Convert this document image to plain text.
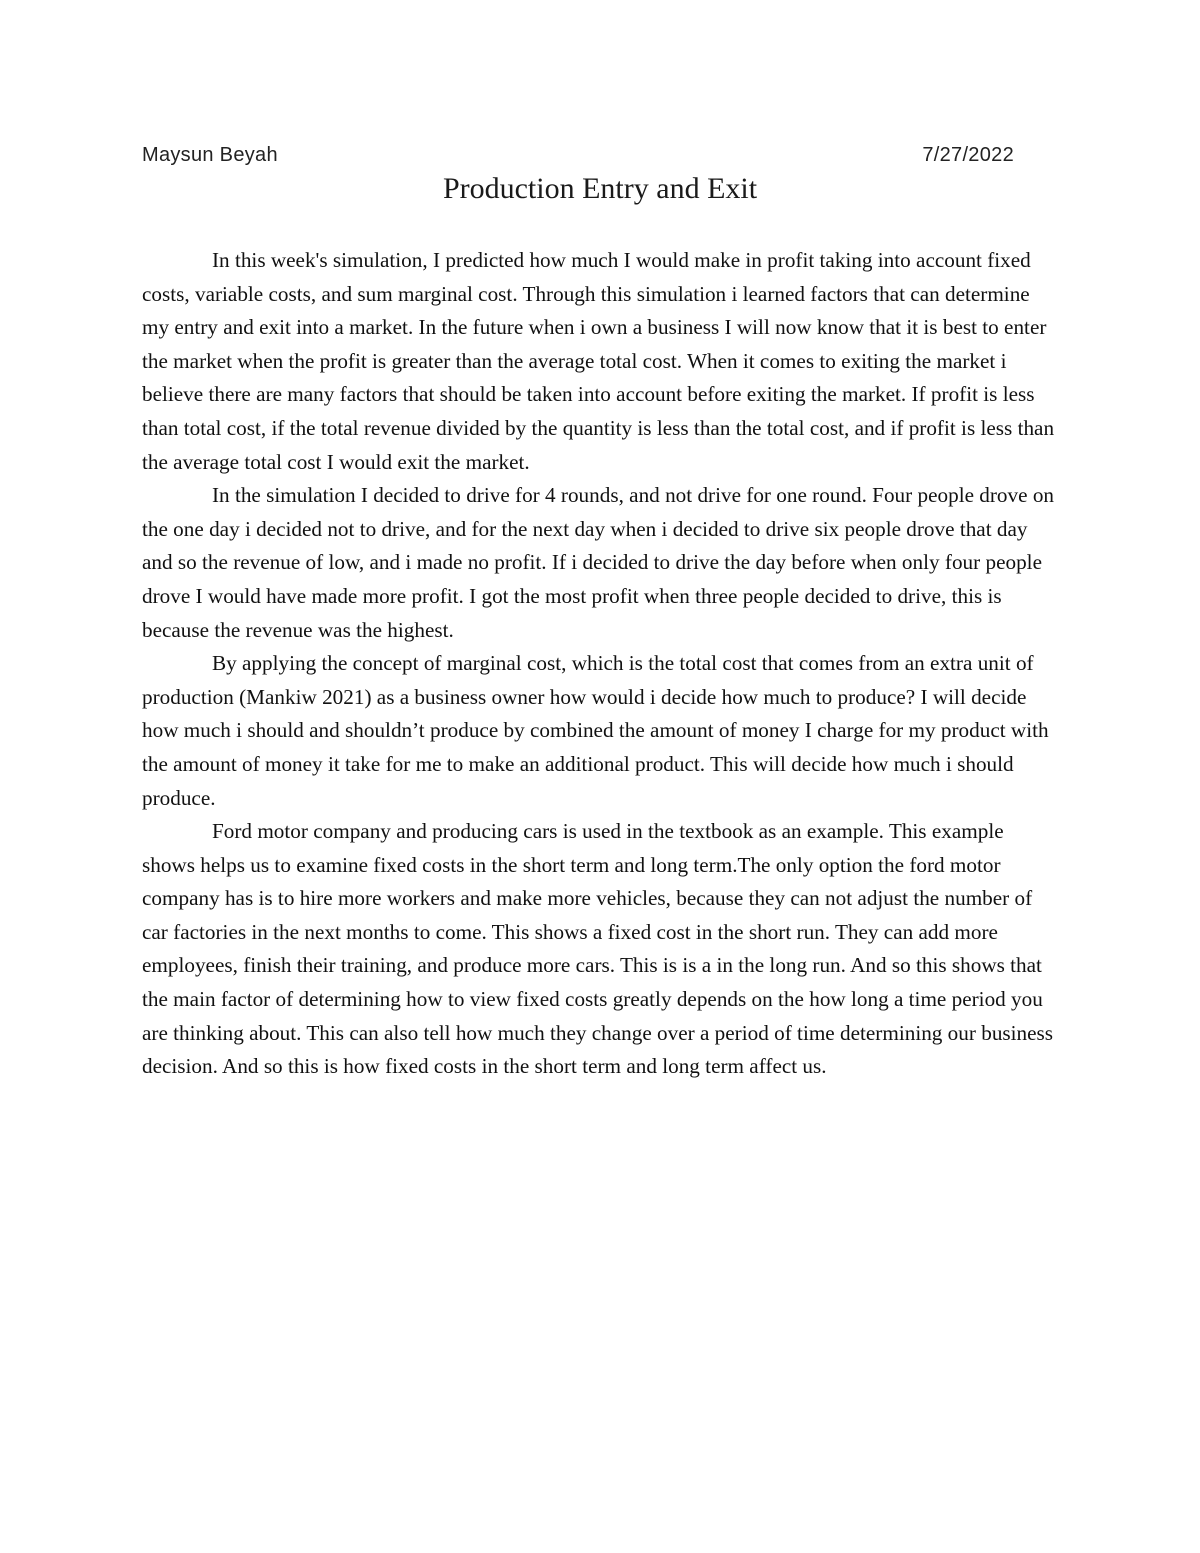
Maysun Beyah	7/27/2022
Production Entry and Exit

In this week's simulation, I predicted how much I would make in profit taking into account fixed costs, variable costs, and sum marginal cost. Through this simulation i learned factors that can determine my entry and exit into a market. In the future when i own a business I will now know that it is best to enter the market when the profit is greater than the average total cost. When it comes to exiting the market i believe there are many factors that should be taken into account before exiting the market. If profit is less than total cost, if the total revenue divided by the quantity is less than the total cost, and if profit is less than the average total cost I would exit the market.

In the simulation I decided to drive for 4 rounds, and not drive for one round. Four people drove on the one day i decided not to drive, and for the next day when i decided to drive six people drove that day and so the revenue of low, and i made no profit. If i decided to drive the day before when only four people drove I would have made more profit. I got the most profit when three people decided to drive, this is because the revenue was the highest.

By applying the concept of marginal cost, which is the total cost that comes from an extra unit of production (Mankiw 2021) as a business owner how would i decide how much to produce? I will decide how much i should and shouldn’t produce by combined the amount of money I charge for my product with the amount of money it take for me to make an additional product. This will decide how much i should produce.

Ford motor company and producing cars is used in the textbook as an example. This example shows helps us to examine fixed costs in the short term and long term.The only option the ford motor company has is to hire more workers and make more vehicles, because they can not adjust the number of car factories in the next months to come. This shows a fixed cost in the short run. They can add more employees, finish their training, and produce more cars. This is is a in the long run. And so this shows that the main factor of determining how to view fixed costs greatly depends on the how long a time period you are thinking about. This can also tell how much they change over a period of time determining our business decision. And so this is how fixed costs in the short term and long term affect us.
